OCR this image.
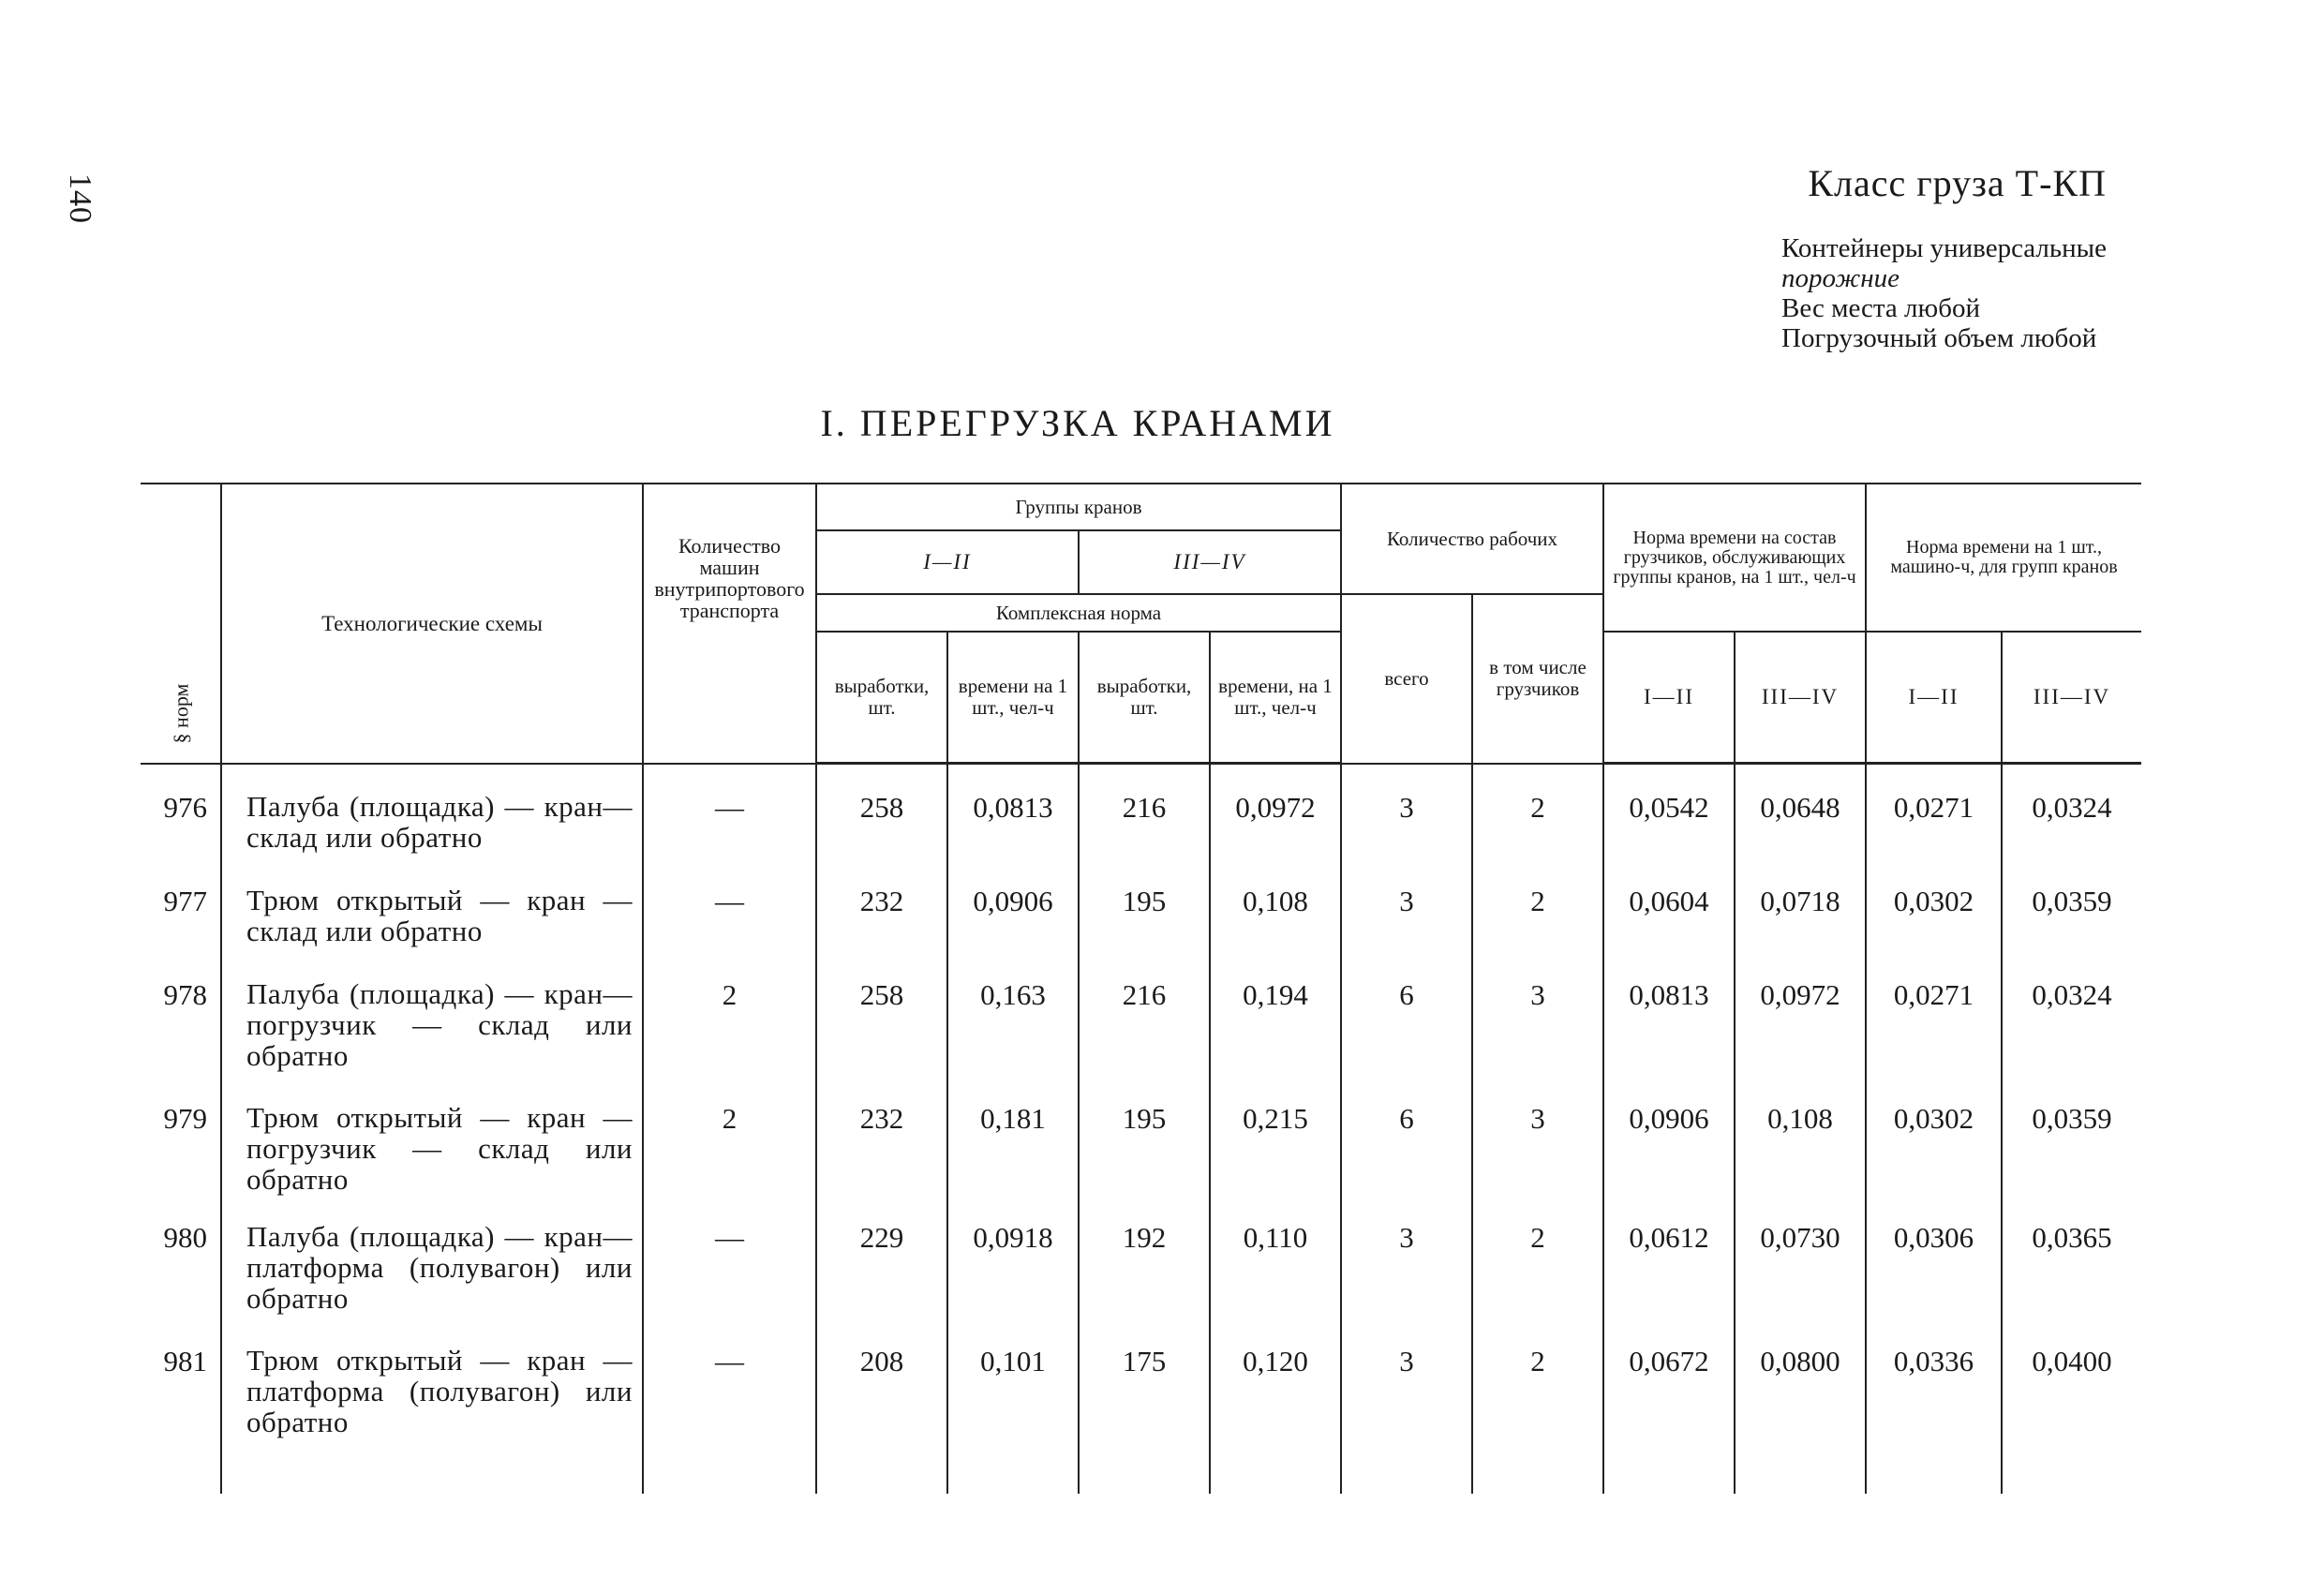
140	Класс груза Т-КП
Контейнеры универсальные
порожние
Вес места любой
Погрузочный объем любой
I. ПЕРЕГРУЗКА КРАНАМИ
§ норм	Технологические схемы	Количество машин внутрипортового транспорта	Группы кранов				Количество рабочих		Норма времени на состав грузчиков, обслуживающих группы кранов, на 1 шт., чел-ч		Норма времени на 1 шт., машино-ч, для групп кранов	
			I—II		III—IV							
			Комплексная норма				всего	в том числе грузчиков				
			выработки, шт.	времени на 1 шт., чел-ч	выработки, шт.	времени, на 1 шт., чел-ч			I—II	III—IV	I—II	III—IV
976	Палуба (площадка) — кран— склад или обратно	—	258	0,0813	216	0,0972	3	2	0,0542	0,0648	0,0271	0,0324
977	Трюм открытый — кран — склад или обратно	—	232	0,0906	195	0,108	3	2	0,0604	0,0718	0,0302	0,0359
978	Палуба (площадка) — кран— погрузчик — склад или обратно	2	258	0,163	216	0,194	6	3	0,0813	0,0972	0,0271	0,0324
979	Трюм открытый — кран — погрузчик — склад или обратно	2	232	0,181	195	0,215	6	3	0,0906	0,108	0,0302	0,0359
980	Палуба (площадка) — кран— платформа (полувагон) или обратно	—	229	0,0918	192	0,110	3	2	0,0612	0,0730	0,0306	0,0365
981	Трюм открытый — кран — платформа (полувагон) или обратно	—	208	0,101	175	0,120	3	2	0,0672	0,0800	0,0336	0,0400
